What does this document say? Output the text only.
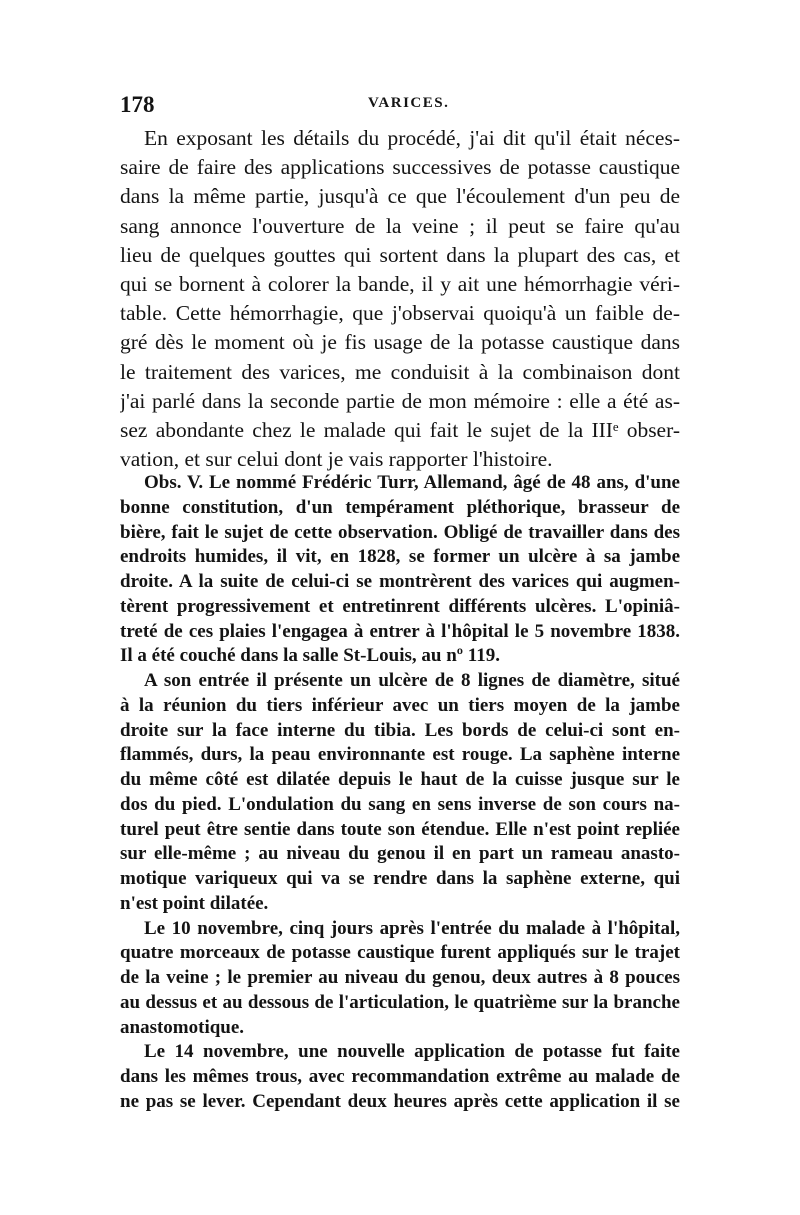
178	VARICES.
En exposant les détails du procédé, j'ai dit qu'il était néces-
saire de faire des applications successives de potasse caustique
dans la même partie, jusqu'à ce que l'écoulement d'un peu de
sang annonce l'ouverture de la veine ; il peut se faire qu'au
lieu de quelques gouttes qui sortent dans la plupart des cas, et
qui se bornent à colorer la bande, il y ait une hémorrhagie véri-
table. Cette hémorrhagie, que j'observai quoiqu'à un faible de-
gré dès le moment où je fis usage de la potasse caustique dans
le traitement des varices, me conduisit à la combinaison dont
j'ai parlé dans la seconde partie de mon mémoire : elle a été as-
sez abondante chez le malade qui fait le sujet de la IIIᵉ obser-
vation, et sur celui dont je vais rapporter l'histoire.
Obs. V. Le nommé Frédéric Turr, Allemand, âgé de 48 ans, d'une
bonne constitution, d'un tempérament pléthorique, brasseur de
bière, fait le sujet de cette observation. Obligé de travailler dans des
endroits humides, il vit, en 1828, se former un ulcère à sa jambe
droite. A la suite de celui-ci se montrèrent des varices qui augmen-
tèrent progressivement et entretinrent différents ulcères. L'opiniâ-
treté de ces plaies l'engagea à entrer à l'hôpital le 5 novembre 1838.
Il a été couché dans la salle St-Louis, au nº 119.
A son entrée il présente un ulcère de 8 lignes de diamètre, situé
à la réunion du tiers inférieur avec un tiers moyen de la jambe
droite sur la face interne du tibia. Les bords de celui-ci sont en-
flammés, durs, la peau environnante est rouge. La saphène interne
du même côté est dilatée depuis le haut de la cuisse jusque sur le
dos du pied. L'ondulation du sang en sens inverse de son cours na-
turel peut être sentie dans toute son étendue. Elle n'est point repliée
sur elle-même ; au niveau du genou il en part un rameau anasto-
motique variqueux qui va se rendre dans la saphène externe, qui
n'est point dilatée.
Le 10 novembre, cinq jours après l'entrée du malade à l'hôpital,
quatre morceaux de potasse caustique furent appliqués sur le trajet
de la veine ; le premier au niveau du genou, deux autres à 8 pouces
au dessus et au dessous de l'articulation, le quatrième sur la branche
anastomotique.
Le 14 novembre, une nouvelle application de potasse fut faite
dans les mêmes trous, avec recommandation extrême au malade de
ne pas se lever. Cependant deux heures après cette application il se
